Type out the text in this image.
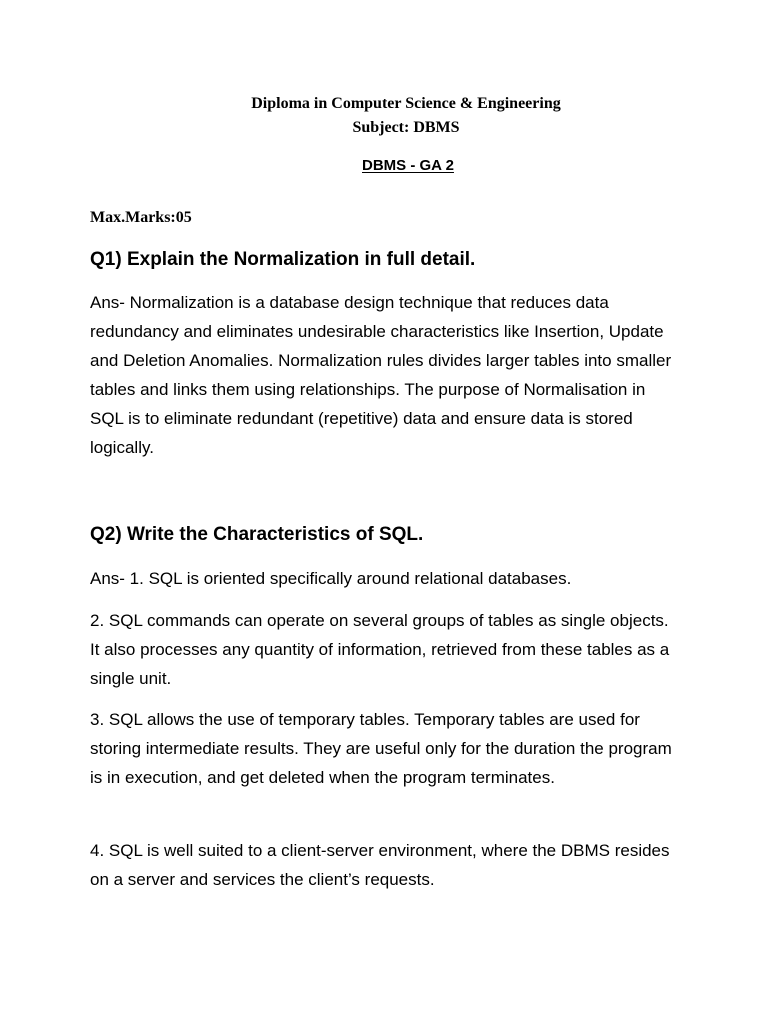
Diploma in Computer Science & Engineering
Subject: DBMS
DBMS - GA 2
Max.Marks:05
Q1) Explain the Normalization in full detail.

Ans- Normalization is a database design technique that reduces data redundancy and eliminates undesirable characteristics like Insertion, Update and Deletion Anomalies. Normalization rules divides larger tables into smaller tables and links them using relationships. The purpose of Normalisation in SQL is to eliminate redundant (repetitive) data and ensure data is stored logically.

Q2) Write the Characteristics of SQL.

Ans- 1. SQL is oriented specifically around relational databases.

2. SQL commands can operate on several groups of tables as single objects. It also processes any quantity of information, retrieved from these tables as a single unit.

3. SQL allows the use of temporary tables. Temporary tables are used for storing intermediate results. They are useful only for the duration the program is in execution, and get deleted when the program terminates.

4. SQL is well suited to a client-server environment, where the DBMS resides on a server and services the client’s requests.
